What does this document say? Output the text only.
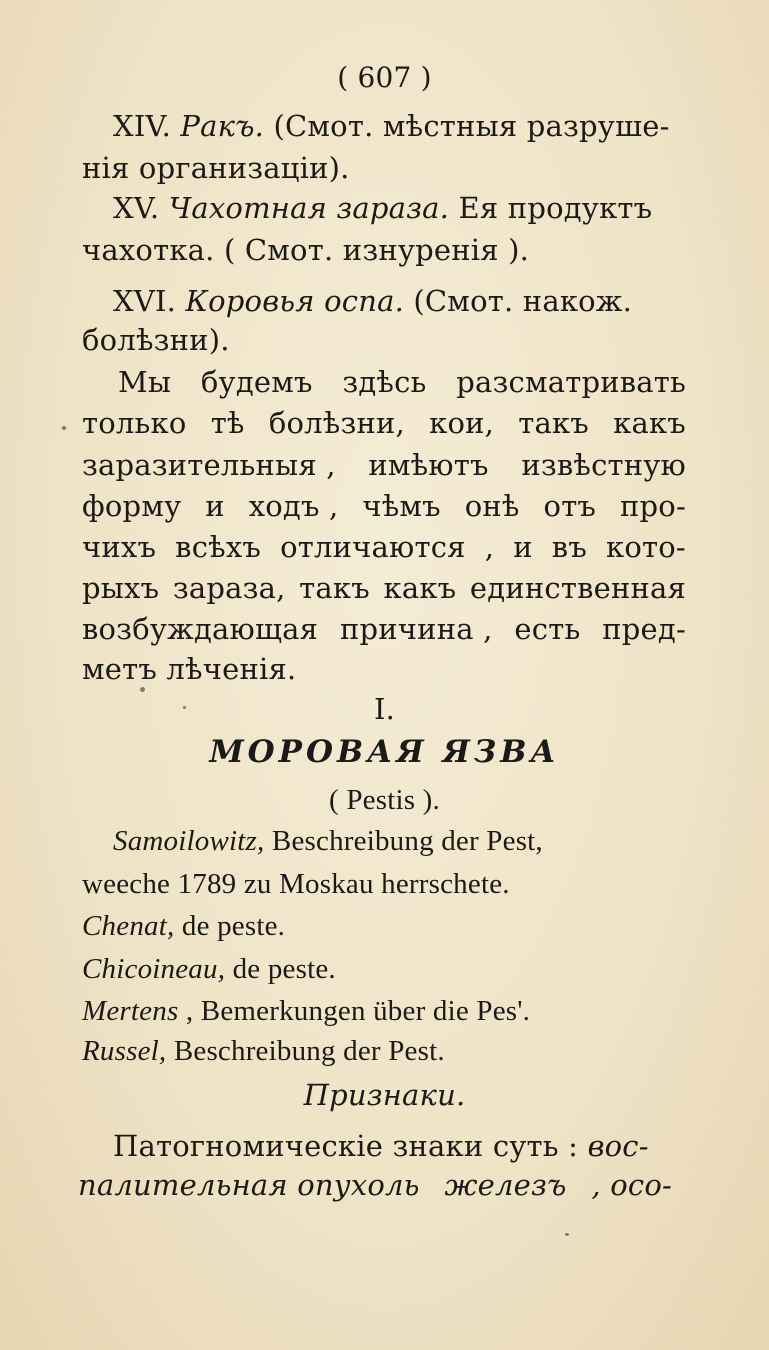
( 607 )
XIV. Ракъ. (Смот. мѣстныя разруше-
нія организаціи).
XV. Чахотная зараза. Ея продуктъ
чахотка. ( Смот. изнуренія ).
XVI. Коровья оспа. (Смот. накож.
болѣзни).
Мы будемъ здѣсь разсматривать
только тѣ болѣзни, кои, такъ какъ
заразительныя , имѣютъ извѣстную
форму и ходъ , чѣмъ онѣ отъ про-
чихъ всѣхъ отличаются , и въ кото-
рыхъ зараза, такъ какъ единственная
возбуждающая причина , есть пред-
метъ лѣченія.
I.
МОРОВАЯ ЯЗВА
( Pestis ).
Samoilowitz, Beschreibung der Pest,
weeche 1789 zu Moskau herrschete.
Chenat, de peste.
Chicoineau, de peste.
Mertens , Bemerkungen über die Pes'.
Russel, Beschreibung der Pest.
Признаки.
Патогномическіе знаки суть : вос-
палительная опухоль железъ , осо-
